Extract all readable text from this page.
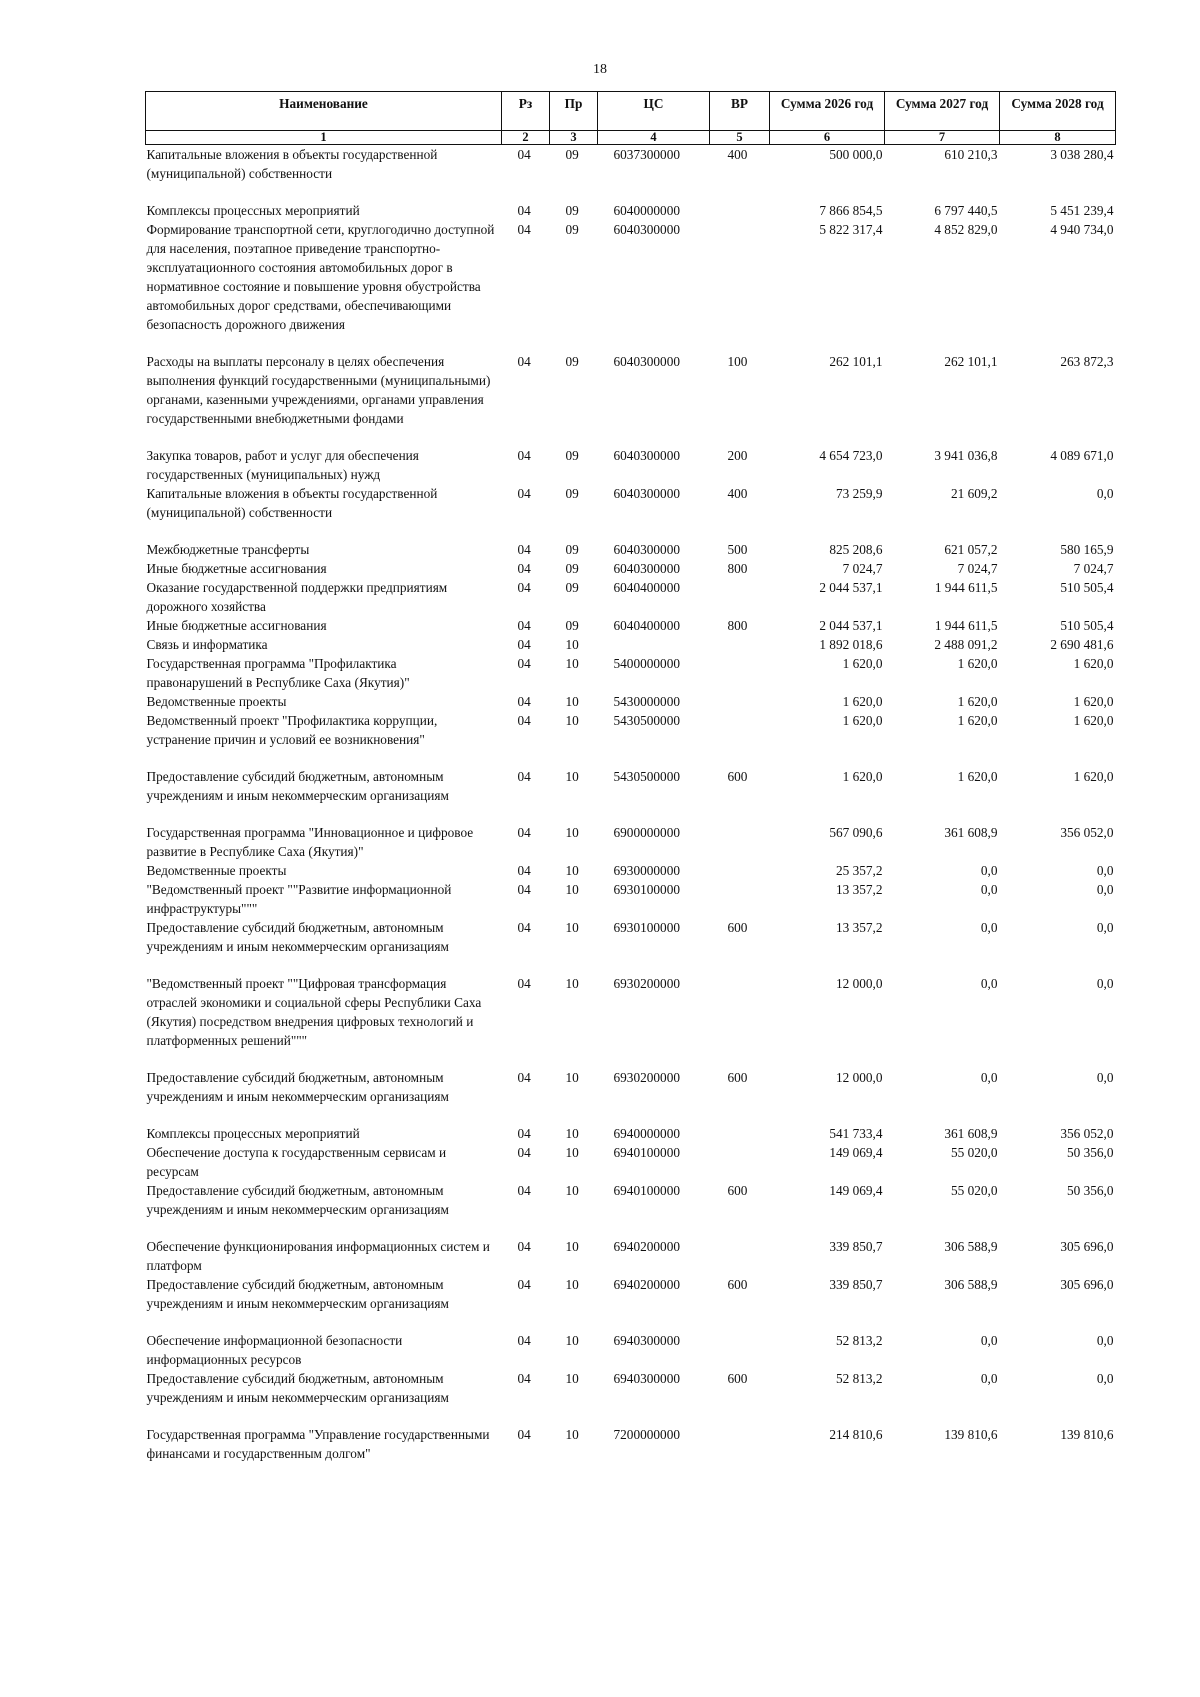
18
Наименование	Рз	Пр	ЦС	ВР	Сумма 2026 год	Сумма 2027 год	Сумма 2028 год
1	2	3	4	5	6	7	8
Капитальные вложения в объекты государственной (муниципальной) собственности	04	09	6037300000	400	500 000,0	610 210,3	3 038 280,4
Комплексы процессных мероприятий	04	09	6040000000		7 866 854,5	6 797 440,5	5 451 239,4
Формирование транспортной сети, круглогодично доступной для населения, поэтапное приведение транспортно-эксплуатационного состояния автомобильных дорог в нормативное состояние и повышение уровня обустройства автомобильных дорог средствами, обеспечивающими безопасность дорожного движения	04	09	6040300000		5 822 317,4	4 852 829,0	4 940 734,0
Расходы на выплаты персоналу в целях обеспечения выполнения функций государственными (муниципальными) органами, казенными учреждениями, органами управления государственными внебюджетными фондами	04	09	6040300000	100	262 101,1	262 101,1	263 872,3
Закупка товаров, работ и услуг для обеспечения государственных (муниципальных) нужд	04	09	6040300000	200	4 654 723,0	3 941 036,8	4 089 671,0
Капитальные вложения в объекты государственной (муниципальной) собственности	04	09	6040300000	400	73 259,9	21 609,2	0,0
Межбюджетные трансферты	04	09	6040300000	500	825 208,6	621 057,2	580 165,9
Иные бюджетные ассигнования	04	09	6040300000	800	7 024,7	7 024,7	7 024,7
Оказание государственной поддержки предприятиям дорожного хозяйства	04	09	6040400000		2 044 537,1	1 944 611,5	510 505,4
Иные бюджетные ассигнования	04	09	6040400000	800	2 044 537,1	1 944 611,5	510 505,4
Связь и информатика	04	10			1 892 018,6	2 488 091,2	2 690 481,6
Государственная программа "Профилактика правонарушений в Республике Саха (Якутия)"	04	10	5400000000		1 620,0	1 620,0	1 620,0
Ведомственные проекты	04	10	5430000000		1 620,0	1 620,0	1 620,0
Ведомственный проект "Профилактика коррупции, устранение причин и условий ее возникновения"	04	10	5430500000		1 620,0	1 620,0	1 620,0
Предоставление субсидий бюджетным, автономным учреждениям и иным некоммерческим организациям	04	10	5430500000	600	1 620,0	1 620,0	1 620,0
Государственная программа "Инновационное и цифровое развитие в Республике Саха (Якутия)"	04	10	6900000000		567 090,6	361 608,9	356 052,0
Ведомственные проекты	04	10	6930000000		25 357,2	0,0	0,0
"Ведомственный проект ""Развитие информационной инфраструктуры"""	04	10	6930100000		13 357,2	0,0	0,0
Предоставление субсидий бюджетным, автономным учреждениям и иным некоммерческим организациям	04	10	6930100000	600	13 357,2	0,0	0,0
"Ведомственный проект ""Цифровая трансформация отраслей экономики и социальной сферы Республики Саха (Якутия) посредством внедрения цифровых технологий и платформенных решений"""	04	10	6930200000		12 000,0	0,0	0,0
Предоставление субсидий бюджетным, автономным учреждениям и иным некоммерческим организациям	04	10	6930200000	600	12 000,0	0,0	0,0
Комплексы процессных мероприятий	04	10	6940000000		541 733,4	361 608,9	356 052,0
Обеспечение доступа к государственным сервисам и ресурсам	04	10	6940100000		149 069,4	55 020,0	50 356,0
Предоставление субсидий бюджетным, автономным учреждениям и иным некоммерческим организациям	04	10	6940100000	600	149 069,4	55 020,0	50 356,0
Обеспечение функционирования информационных систем и платформ	04	10	6940200000		339 850,7	306 588,9	305 696,0
Предоставление субсидий бюджетным, автономным учреждениям и иным некоммерческим организациям	04	10	6940200000	600	339 850,7	306 588,9	305 696,0
Обеспечение информационной безопасности информационных ресурсов	04	10	6940300000		52 813,2	0,0	0,0
Предоставление субсидий бюджетным, автономным учреждениям и иным некоммерческим организациям	04	10	6940300000	600	52 813,2	0,0	0,0
Государственная программа "Управление государственными финансами и государственным долгом"	04	10	7200000000		214 810,6	139 810,6	139 810,6
